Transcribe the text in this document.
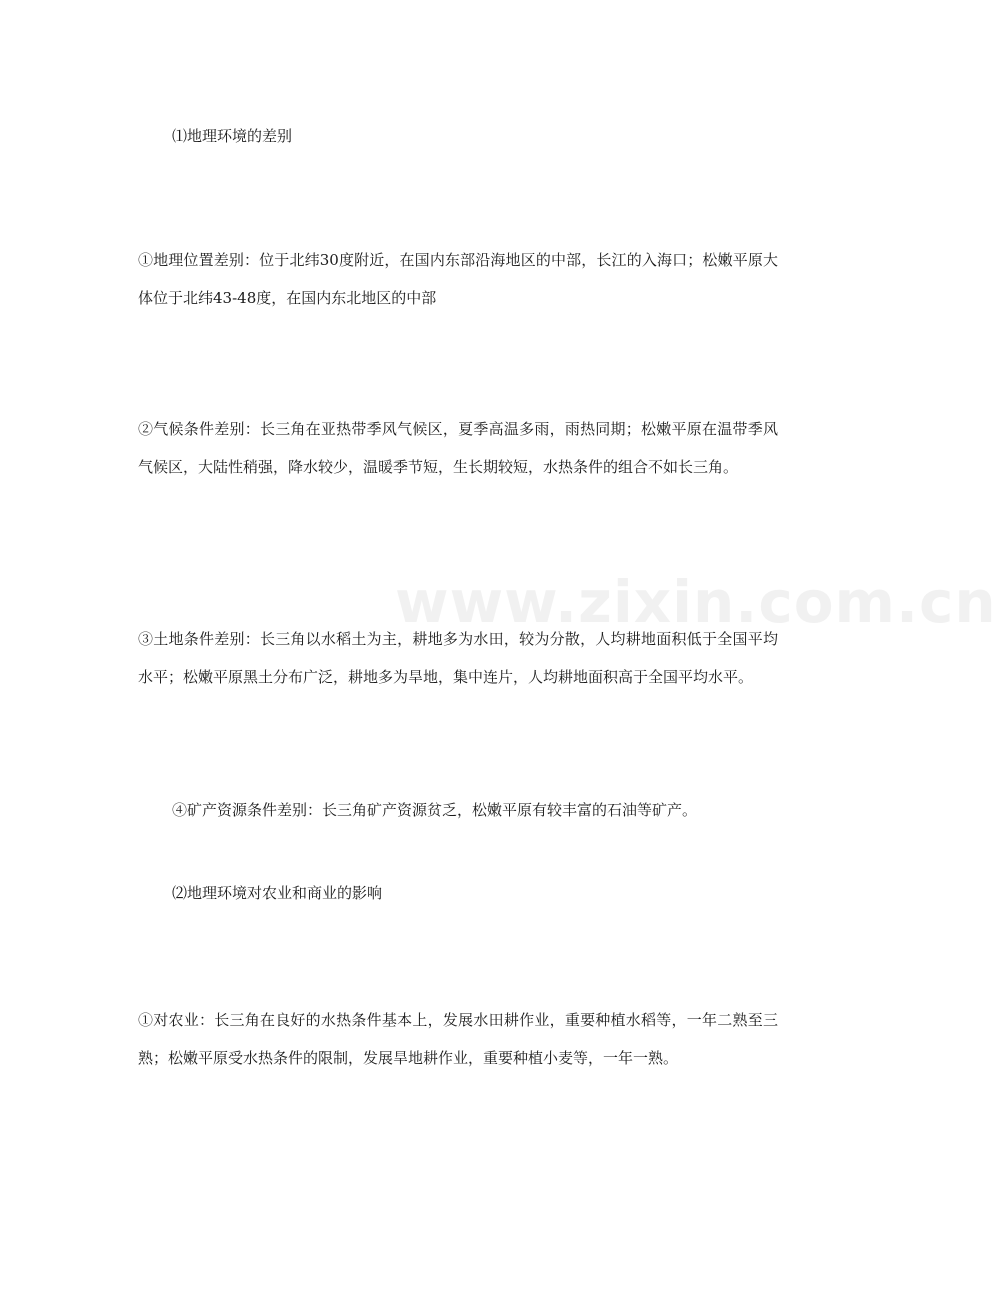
www.zixin.com.cn

⑴地理环境的差别

①地理位置差别：位于北纬30度附近，在国内东部沿海地区的中部，长江的入海口；松嫩平原大体位于北纬43-48度，在国内东北地区的中部

②气候条件差别：长三角在亚热带季风气候区，夏季高温多雨，雨热同期；松嫩平原在温带季风气候区，大陆性稍强，降水较少，温暖季节短，生长期较短，水热条件的组合不如长三角。

③土地条件差别：长三角以水稻土为主，耕地多为水田，较为分散，人均耕地面积低于全国平均水平；松嫩平原黑土分布广泛，耕地多为旱地，集中连片，人均耕地面积高于全国平均水平。

④矿产资源条件差别：长三角矿产资源贫乏，松嫩平原有较丰富的石油等矿产。

⑵地理环境对农业和商业的影响

①对农业：长三角在良好的水热条件基本上，发展水田耕作业，重要种植水稻等，一年二熟至三熟；松嫩平原受水热条件的限制，发展旱地耕作业，重要种植小麦等，一年一熟。
